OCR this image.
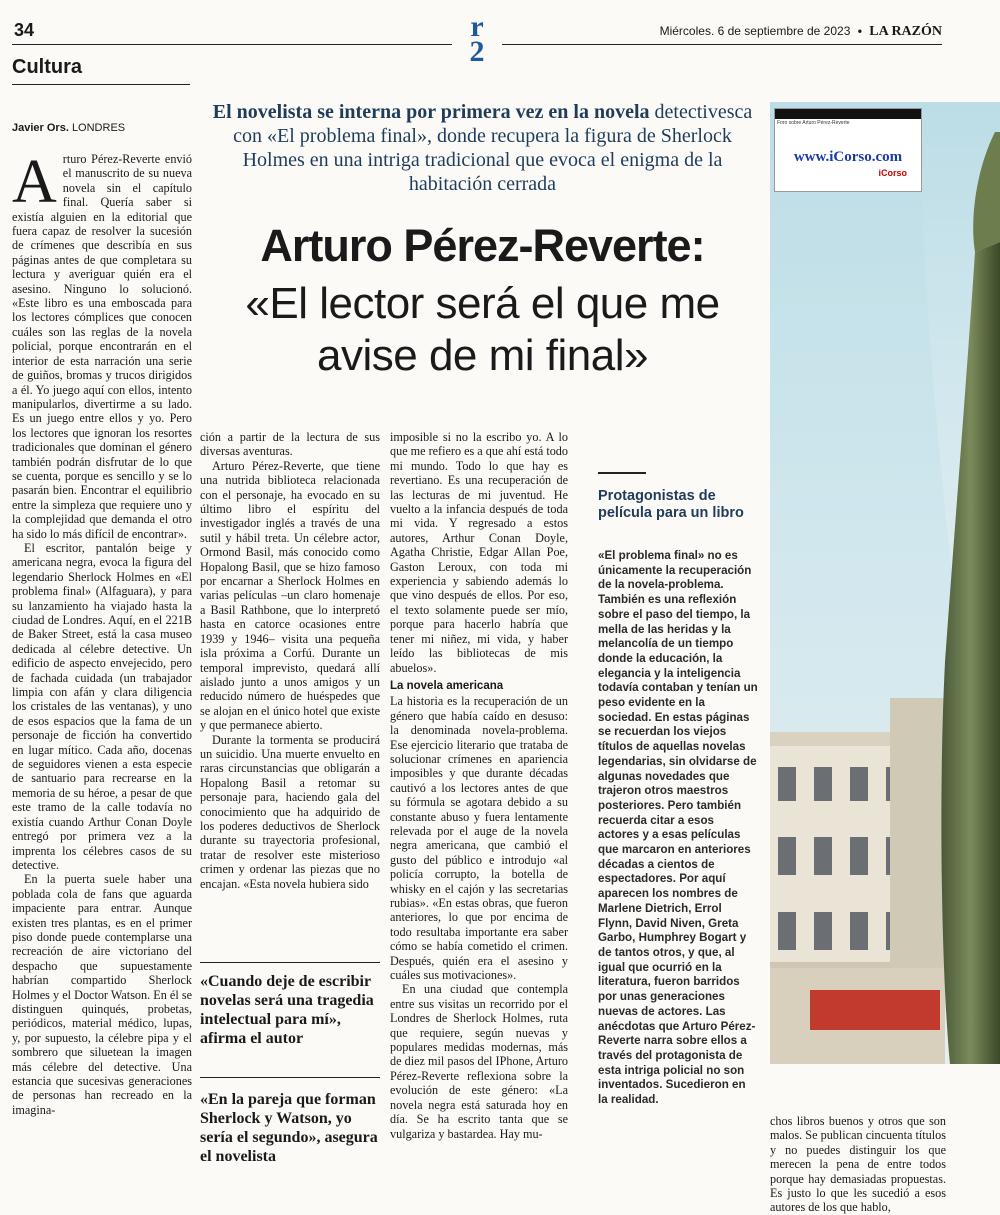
34
Cultura
r
2
Miércoles. 6 de septiembre de 2023 • LA RAZÓN
Foro sobre Arturo Pérez-Reverte
www.iCorso.com
iCorso
El novelista se interna por primera vez en la novela detectivesca con «El problema final», donde recupera la figura de Sherlock Holmes en una intriga tradicional que evoca el enigma de la habitación cerrada
Arturo Pérez-Reverte:
«El lector será el que me avise de mi final»
Javier Ors. LONDRES

Arturo Pérez-Reverte envió el manuscrito de su nueva novela sin el capítulo final. Quería saber si existía alguien en la editorial que fuera capaz de resolver la sucesión de crímenes que describía en sus páginas antes de que completara su lectura y averiguar quién era el asesino. Ninguno lo solucionó. «Este libro es una emboscada para los lectores cómplices que conocen cuáles son las reglas de la novela policial, porque encontrarán en el interior de esta narración una serie de guiños, bromas y trucos dirigidos a él. Yo juego aquí con ellos, intento manipularlos, divertirme a su lado. Es un juego entre ellos y yo. Pero los lectores que ignoran los resortes tradicionales que dominan el género también podrán disfrutar de lo que se cuenta, porque es sencillo y se lo pasarán bien. Encontrar el equilibrio entre la simpleza que requiere uno y la complejidad que demanda el otro ha sido lo más difícil de encontrar».

El escritor, pantalón beige y americana negra, evoca la figura del legendario Sherlock Holmes en «El problema final» (Alfaguara), y para su lanzamiento ha viajado hasta la ciudad de Londres. Aquí, en el 221B de Baker Street, está la casa museo dedicada al célebre detective. Un edificio de aspecto envejecido, pero de fachada cuidada (un trabajador limpia con afán y clara diligencia los cristales de las ventanas), y uno de esos espacios que la fama de un personaje de ficción ha convertido en lugar mítico. Cada año, docenas de seguidores vienen a esta especie de santuario para recrearse en la memoria de su héroe, a pesar de que este tramo de la calle todavía no existía cuando Arthur Conan Doyle entregó por primera vez a la imprenta los célebres casos de su detective.

En la puerta suele haber una poblada cola de fans que aguarda impaciente para entrar. Aunque existen tres plantas, es en el primer piso donde puede contemplarse una recreación de aire victoriano del despacho que supuestamente habrían compartido Sherlock Holmes y el Doctor Watson. En él se distinguen quinqués, probetas, periódicos, material médico, lupas, y, por supuesto, la célebre pipa y el sombrero que siluetean la imagen más célebre del detective. Una estancia que sucesivas generaciones de personas han recreado en la imagina-

ción a partir de la lectura de sus diversas aventuras.

Arturo Pérez-Reverte, que tiene una nutrida biblioteca relacionada con el personaje, ha evocado en su último libro el espíritu del investigador inglés a través de una sutil y hábil treta. Un célebre actor, Ormond Basil, más conocido como Hopalong Basil, que se hizo famoso por encarnar a Sherlock Holmes en varias películas –un claro homenaje a Basil Rathbone, que lo interpretó hasta en catorce ocasiones entre 1939 y 1946– visita una pequeña isla próxima a Corfú. Durante un temporal imprevisto, quedará allí aislado junto a unos amigos y un reducido número de huéspedes que se alojan en el único hotel que existe y que permanece abierto.

Durante la tormenta se producirá un suicidio. Una muerte envuelto en raras circunstancias que obligarán a Hopalong Basil a retomar su personaje para, haciendo gala del conocimiento que ha adquirido de los poderes deductivos de Sherlock durante su trayectoria profesional, tratar de resolver este misterioso crimen y ordenar las piezas que no encajan. «Esta novela hubiera sido

«Cuando deje de escribir novelas será una tragedia intelectual para mí», afirma el autor
«En la pareja que forman Sherlock y Watson, yo sería el segundo», asegura el novelista

imposible si no la escribo yo. A lo que me refiero es a que ahí está todo mi mundo. Todo lo que hay es revertiano. Es una recuperación de las lecturas de mi juventud. He vuelto a la infancia después de toda mi vida. Y regresado a estos autores, Arthur Conan Doyle, Agatha Christie, Edgar Allan Poe, Gaston Leroux, con toda mi experiencia y sabiendo además lo que vino después de ellos. Por eso, el texto solamente puede ser mío, porque para hacerlo habría que tener mi niñez, mi vida, y haber leído las bibliotecas de mis abuelos».

La novela americana

La historia es la recuperación de un género que había caído en desuso: la denominada novela-problema. Ese ejercicio literario que trataba de solucionar crímenes en apariencia imposibles y que durante décadas cautivó a los lectores antes de que su fórmula se agotara debido a su constante abuso y fuera lentamente relevada por el auge de la novela negra americana, que cambió el gusto del público e introdujo «al policía corrupto, la botella de whisky en el cajón y las secretarias rubias». «En estas obras, que fueron anteriores, lo que por encima de todo resultaba importante era saber cómo se había cometido el crimen. Después, quién era el asesino y cuáles sus motivaciones».

En una ciudad que contempla entre sus visitas un recorrido por el Londres de Sherlock Holmes, ruta que requiere, según nuevas y populares medidas modernas, más de diez mil pasos del IPhone, Arturo Pérez-Reverte reflexiona sobre la evolución de este género: «La novela negra está saturada hoy en día. Se ha escrito tanta que se vulgariza y bastardea. Hay mu-

Protagonistas de película para un libro
«El problema final» no es únicamente la recuperación de la novela-problema. También es una reflexión sobre el paso del tiempo, la mella de las heridas y la melancolía de un tiempo donde la educación, la elegancia y la inteligencia todavía contaban y tenían un peso evidente en la sociedad. En estas páginas se recuerdan los viejos títulos de aquellas novelas legendarias, sin olvidarse de algunas novedades que trajeron otros maestros posteriores. Pero también recuerda citar a esos actores y a esas películas que marcaron en anteriores décadas a cientos de espectadores. Por aquí aparecen los nombres de Marlene Dietrich, Errol Flynn, David Niven, Greta Garbo, Humphrey Bogart y de tantos otros, y que, al igual que ocurrió en la literatura, fueron barridos por unas generaciones nuevas de actores. Las anécdotas que Arturo Pérez-Reverte narra sobre ellos a través del protagonista de esta intriga policial no son inventados. Sucedieron en la realidad.

chos libros buenos y otros que son malos. Se publican cincuenta títulos y no puedes distinguir los que merecen la pena de entre todos porque hay demasiadas propuestas. Es justo lo que les sucedió a esos autores de los que hablo,
